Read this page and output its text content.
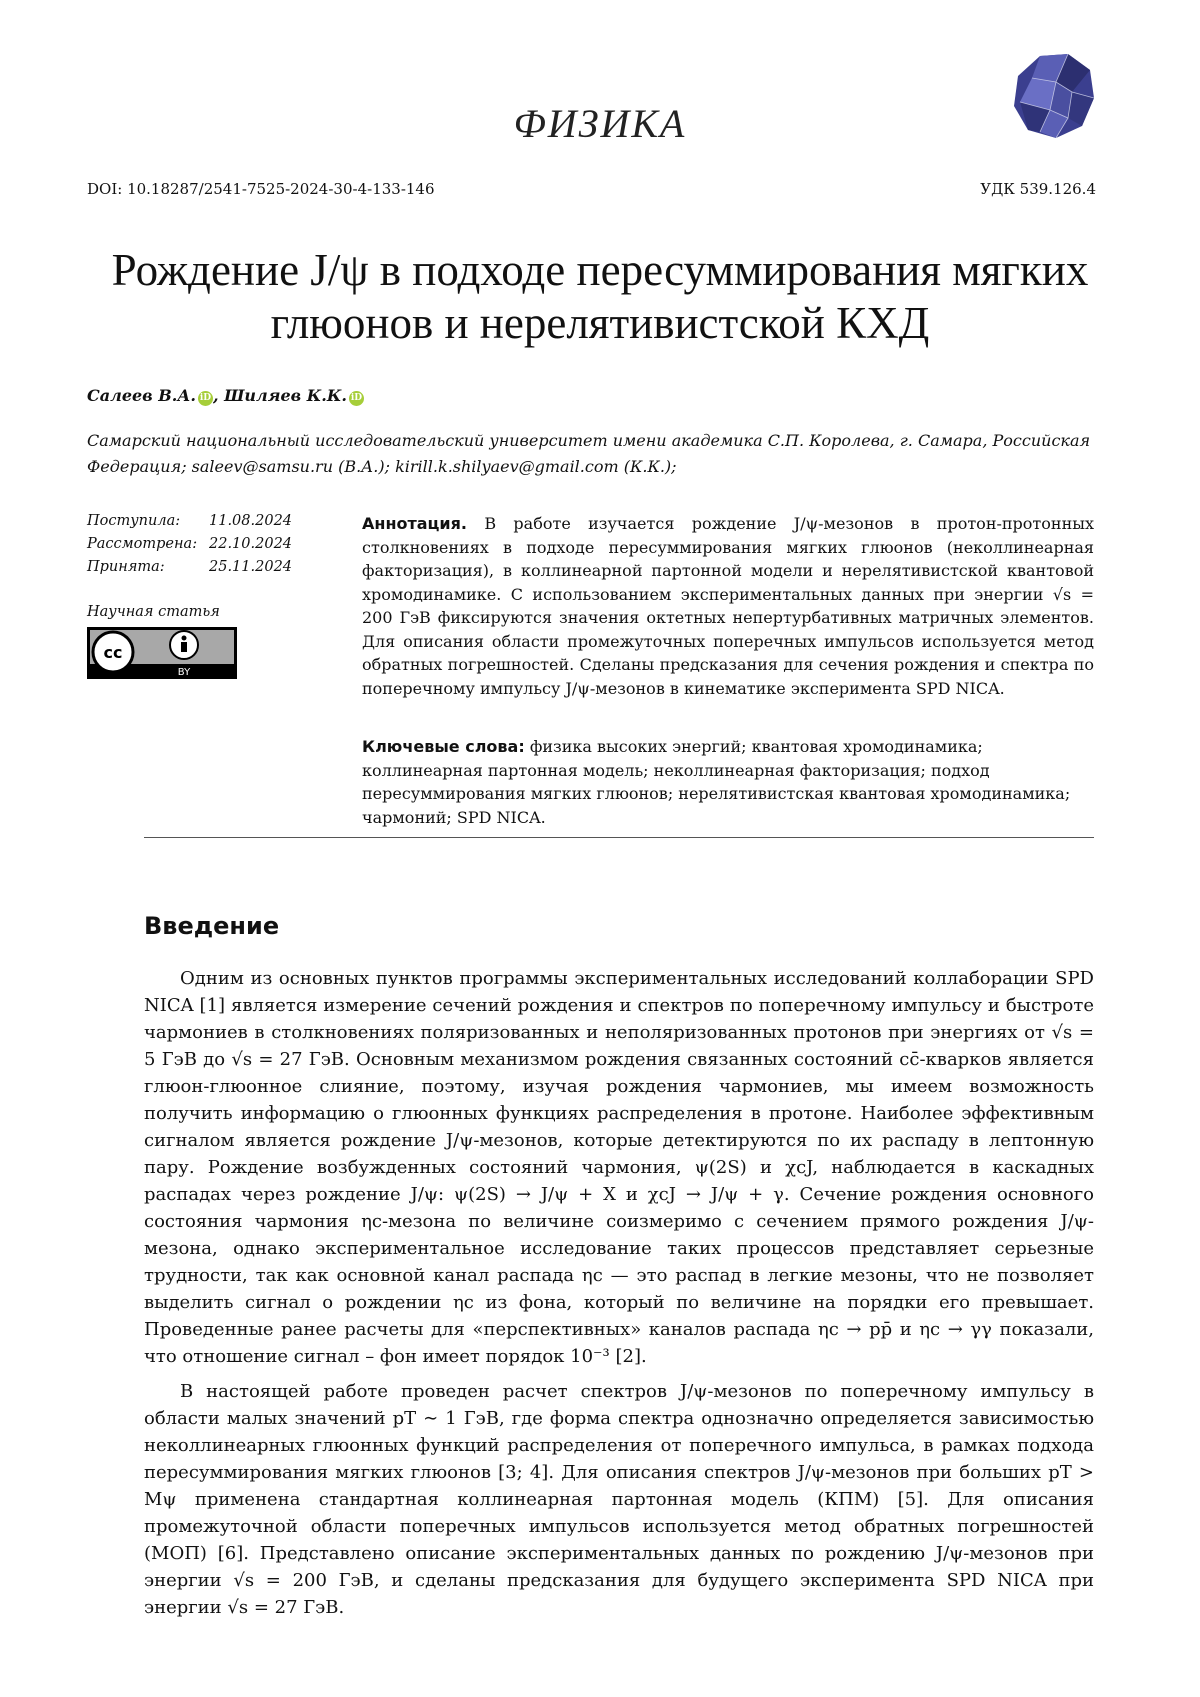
ФИЗИКА
DOI: 10.18287/2541-7525-2024-30-4-133-146	УДК 539.126.4
Рождение J/ψ в подходе пересуммирования мягких глюонов и нерелятивистской КХД
Салеев В.А. iD , Шиляев К.К. iD
Самарский национальный исследовательский университет имени академика С.П. Королева, г. Самара, Российская Федерация; saleev@samsu.ru (В.А.); kirill.k.shilyaev@gmail.com (К.К.);
Поступила: 11.08.2024
Рассмотрена: 22.10.2024
Принята:	25.11.2024
Научная статья
cc
BY
Аннотация. В работе изучается рождение J/ψ-мезонов в протон-протонных столкновениях в подходе пересуммирования мягких глюонов (неколлинеарная факторизация), в коллинеарной партонной модели и нерелятивистской квантовой хромодинамике. С использованием экспериментальных данных при энергии √s = 200 ГэВ фиксируются значения октетных непертурбативных матричных элементов. Для описания области промежуточных поперечных импульсов используется метод обратных погрешностей. Сделаны предсказания для сечения рождения и спектра по поперечному импульсу J/ψ-мезонов в кинематике эксперимента SPD NICA.
Ключевые слова: физика высоких энергий; квантовая хромодинамика; коллинеарная партонная модель; неколлинеарная факторизация; подход пересуммирования мягких глюонов; нерелятивистская квантовая хромодинамика; чармоний; SPD NICA.
Введение
Одним из основных пунктов программы экспериментальных исследований коллаборации SPD NICA [1] является измерение сечений рождения и спектров по поперечному импульсу и быстроте чармониев в столкновениях поляризованных и неполяризованных протонов при энергиях от √s = 5 ГэВ до √s = 27 ГэВ. Основным механизмом рождения связанных состояний cc̄-кварков является глюон-глюонное слияние, поэтому, изучая рождения чармониев, мы имеем возможность получить информацию о глюонных функциях распределения в протоне. Наиболее эффективным сигналом является рождение J/ψ-мезонов, которые детектируются по их распаду в лептонную пару. Рождение возбужденных состояний чармония, ψ(2S) и χcJ, наблюдается в каскадных распадах через рождение J/ψ: ψ(2S) → J/ψ + X и χcJ → J/ψ + γ. Сечение рождения основного состояния чармония ηc-мезона по величине соизмеримо с сечением прямого рождения J/ψ-мезона, однако экспериментальное исследование таких процессов представляет серьезные трудности, так как основной канал распада ηc — это распад в легкие мезоны, что не позволяет выделить сигнал о рождении ηc из фона, который по величине на порядки его превышает. Проведенные ранее расчеты для «перспективных» каналов распада ηc → pp̄ и ηc → γγ показали, что отношение сигнал – фон имеет порядок 10⁻³ [2].
В настоящей работе проведен расчет спектров J/ψ-мезонов по поперечному импульсу в области малых значений pT ∼ 1 ГэВ, где форма спектра однозначно определяется зависимостью неколлинеарных глюонных функций распределения от поперечного импульса, в рамках подхода пересуммирования мягких глюонов [3; 4]. Для описания спектров J/ψ-мезонов при больших pT > Mψ применена стандартная коллинеарная партонная модель (КПМ) [5]. Для описания промежуточной области поперечных импульсов используется метод обратных погрешностей (МОП) [6]. Представлено описание экспериментальных данных по рождению J/ψ-мезонов при энергии √s = 200 ГэВ, и сделаны предсказания для будущего эксперимента SPD NICA при энергии √s = 27 ГэВ.
